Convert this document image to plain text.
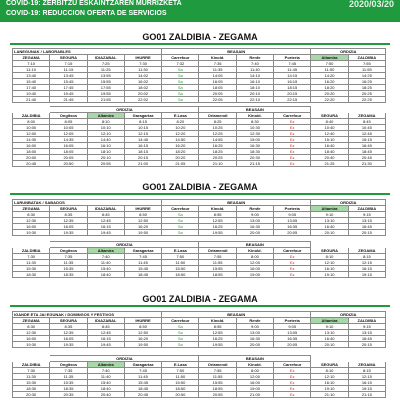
COVID-19: ZERBITZU ESKAINTZAREN MURRIZKETA
COVID-19: REDUCCION OFERTA DE SERVICIOS
2020/03/20
GO01 ZALDIBIA - ZEGAMA
LANEGUNAK / LABORABLES				BEASAIN				ORDIZIA	
ZEGAMA	SEGURA	IDIAZABAL	IHURRE	Carrefour	Kinold.	Renfe	Porteria	Altamira	ZALDIBIA
7:10	7:15	7:25	7:30	7:32	7:35	7:40	7:45	7:50	7:55
11:10	11:15	11:25	11:30	Sa	11:35	11:40	11:45	11:50	11:55
13:40	13:45	13:55	14:02	Sa	14:05	14:10	14:15	14:20	14:25
15:40	15:45	15:55	16:02	Sa	16:05	16:10	16:15	16:20	16:25
17:40	17:45	17:55	18:02	Sa	18:05	18:10	18:15	18:20	18:25
19:40	19:45	19:55	20:02	Sa	20:05	20:10	20:15	20:20	20:25
21:40	21:45	21:55	22:02	Sa	22:05	22:10	22:15	22:20	22:25
	ORDIZIA				BEASAIN				
ZALDIBIA	Ongitxos	Altamira	Garagartza	E.Lasa	Oriamendi	Kinold.	Carrefour	SEGURA	ZEGAMA
8:00	8:05	8:10	8:15	8:20	8:25	8:30	Ez	8:40	8:45
10:00	10:05	10:10	10:15	10:20	10:25	10:30	Ez	10:40	10:45
12:00	12:05	12:10	12:15	12:20	12:25	12:30	Ez	12:40	12:45
14:30	14:35	14:40	14:45	14:50	14:55	15:00	Ez	15:10	15:15
16:00	16:05	16:10	16:15	16:20	16:25	16:30	Ez	16:40	16:45
18:00	18:05	18:10	18:15	18:20	18:25	18:30	Ez	18:40	18:45
20:00	20:05	20:10	20:15	20:20	20:25	20:30	Ez	20:40	20:45
20:45	20:50	20:55	21:00	21:05	21:10	21:15	Ez	21:25	21:30
GO01 ZALDIBIA - ZEGAMA
LARUNBATAK / SABADOS				BEASAIN				ORDIZIA	
ZEGAMA	SEGURA	IDIAZABAL	IHURRE	Carrefour	Kinold.	Renfe	Porteria	Altamira	ZALDIBIA
8:30	8:35	8:45	8:50	Sa	8:55	9:00	9:05	9:10	9:15
12:30	12:35	12:45	12:50	Sa	12:55	13:00	13:05	13:10	13:15
16:00	16:05	16:15	16:20	Sa	16:25	16:30	16:35	16:40	16:45
19:30	19:35	19:45	19:50	Sa	19:55	20:00	20:05	20:10	20:15
	ORDIZIA				BEASAIN				
ZALDIBIA	Ongitxos	Altamira	Garagartza	E.Lasa	Oriamendi	Kinold.	Carrefour	SEGURA	ZEGAMA
7:30	7:35	7:40	7:45	7:50	7:55	8:00	Ez	8:10	8:15
11:30	11:35	11:40	11:45	11:50	11:55	12:00	Ez	12:10	12:15
15:30	15:35	15:40	15:45	15:50	15:55	16:00	Ez	16:10	16:15
18:30	18:35	18:40	18:45	18:50	18:55	19:00	Ez	19:10	19:15
GO01 ZALDIBIA - ZEGAMA
IGANDE ETA JAI EGUNAK / DOMINGOS Y FESTIVOS				BEASAIN				ORDIZIA	
ZEGAMA	SEGURA	IDIAZABAL	IHURRE	Carrefour	Kinold.	Renfe	Porteria	Altamira	ZALDIBIA
8:30	8:35	8:45	8:50	Sa	8:55	9:00	9:05	9:10	9:15
12:30	12:35	12:45	12:50	Sa	12:55	13:00	13:05	13:10	13:15
16:00	16:05	16:15	16:20	Sa	16:25	16:30	16:35	16:40	16:45
19:30	19:35	19:45	19:50	Sa	19:55	20:00	20:05	20:10	20:15
	ORDIZIA				BEASAIN				
ZALDIBIA	Ongitxos	Altamira	Garagartza	E.Lasa	Oriamendi	Kinold.	Carrefour	SEGURA	ZEGAMA
7:30	7:35	7:40	7:45	7:50	7:55	8:00	Ez	8:10	8:15
11:30	11:35	11:40	11:45	11:50	11:55	12:00	Ez	12:10	12:15
15:30	15:35	15:40	15:45	15:50	15:55	16:00	Ez	16:10	16:15
18:30	18:35	18:40	18:45	18:50	18:55	19:00	Ez	19:10	19:15
20:30	20:35	20:40	20:45	20:50	20:55	21:00	Ez	21:10	21:15
